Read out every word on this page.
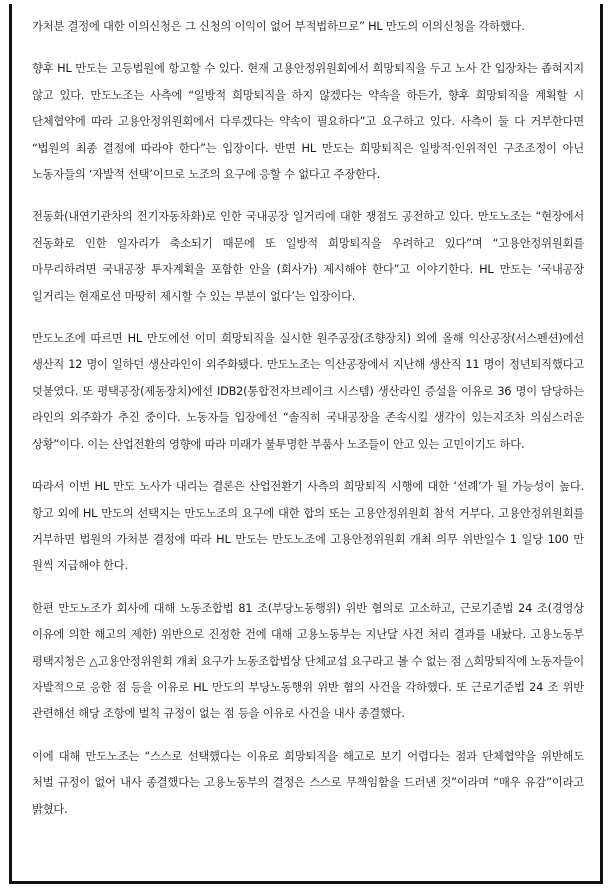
가처분 결정에 대한 이의신청은 그 신청의 이익이 없어 부적법하므로” HL 만도의 이의신청을 각하했다.

향후 HL 만도는 고등법원에 항고할 수 있다. 현재 고용안정위원회에서 희망퇴직을 두고 노사 간 입장차는 좁혀지지 않고 있다. 만도노조는 사측에 “일방적 희망퇴직을 하지 않겠다는 약속을 하든가, 향후 희망퇴직을 계획할 시 단체협약에 따라 고용안정위원회에서 다루겠다는 약속이 필요하다”고 요구하고 있다. 사측이 둘 다 거부한다면 “법원의 최종 결정에 따라야 한다”는 입장이다. 반면 HL 만도는 희망퇴직은 일방적·인위적인 구조조정이 아닌 노동자들의 ‘자발적 선택’이므로 노조의 요구에 응할 수 없다고 주장한다.

전동화(내연기관차의 전기자동차화)로 인한 국내공장 일거리에 대한 쟁점도 공전하고 있다. 만도노조는 “현장에서 전동화로 인한 일자리가 축소되기 때문에 또 일방적 희망퇴직을 우려하고 있다”며 “고용안정위원회를 마무리하려면 국내공장 투자계획을 포함한 안을 (회사가) 제시해야 한다”고 이야기한다. HL 만도는 ‘국내공장 일거리는 현재로선 마땅히 제시할 수 있는 부분이 없다’는 입장이다.

만도노조에 따르면 HL 만도에선 이미 희망퇴직을 실시한 원주공장(조향장치) 외에 올해 익산공장(서스펜션)에선 생산직 12 명이 일하던 생산라인이 외주화됐다. 만도노조는 익산공장에서 지난해 생산직 11 명이 정년퇴직했다고 덧붙였다. 또 평택공장(제동장치)에선 IDB2(통합전자브레이크 시스템) 생산라인 증설을 이유로 36 명이 담당하는 라인의 외주화가 추진 중이다. 노동자들 입장에선 “솔직히 국내공장을 존속시킬 생각이 있는지조차 의심스러운 상황”이다. 이는 산업전환의 영향에 따라 미래가 불투명한 부품사 노조들이 안고 있는 고민이기도 하다.

따라서 이번 HL 만도 노사가 내리는 결론은 산업전환기 사측의 희망퇴직 시행에 대한 ‘선례’가 될 가능성이 높다. 항고 외에 HL 만도의 선택지는 만도노조의 요구에 대한 합의 또는 고용안정위원회 참석 거부다. 고용안정위원회를 거부하면 법원의 가처분 결정에 따라 HL 만도는 만도노조에 고용안정위원회 개최 의무 위반일수 1 일당 100 만 원씩 지급해야 한다.

한편 만도노조가 회사에 대해 노동조합법 81 조(부당노동행위) 위반 혐의로 고소하고, 근로기준법 24 조(경영상 이유에 의한 해고의 제한) 위반으로 진정한 건에 대해 고용노동부는 지난달 사건 처리 결과를 내놨다. 고용노동부 평택지청은 △고용안정위원회 개최 요구가 노동조합법상 단체교섭 요구라고 볼 수 없는 점 △희망퇴직에 노동자들이 자발적으로 응한 점 등을 이유로 HL 만도의 부당노동행위 위반 혐의 사건을 각하했다. 또 근로기준법 24 조 위반 관련해선 해당 조항에 벌칙 규정이 없는 점 등을 이유로 사건을 내사 종결했다.

이에 대해 만도노조는 “스스로 선택했다는 이유로 희망퇴직을 해고로 보기 어렵다는 점과 단체협약을 위반해도 처벌 규정이 없어 내사 종결했다는 고용노동부의 결정은 스스로 무책임함을 드러낸 것”이라며 “매우 유감”이라고 밝혔다.
